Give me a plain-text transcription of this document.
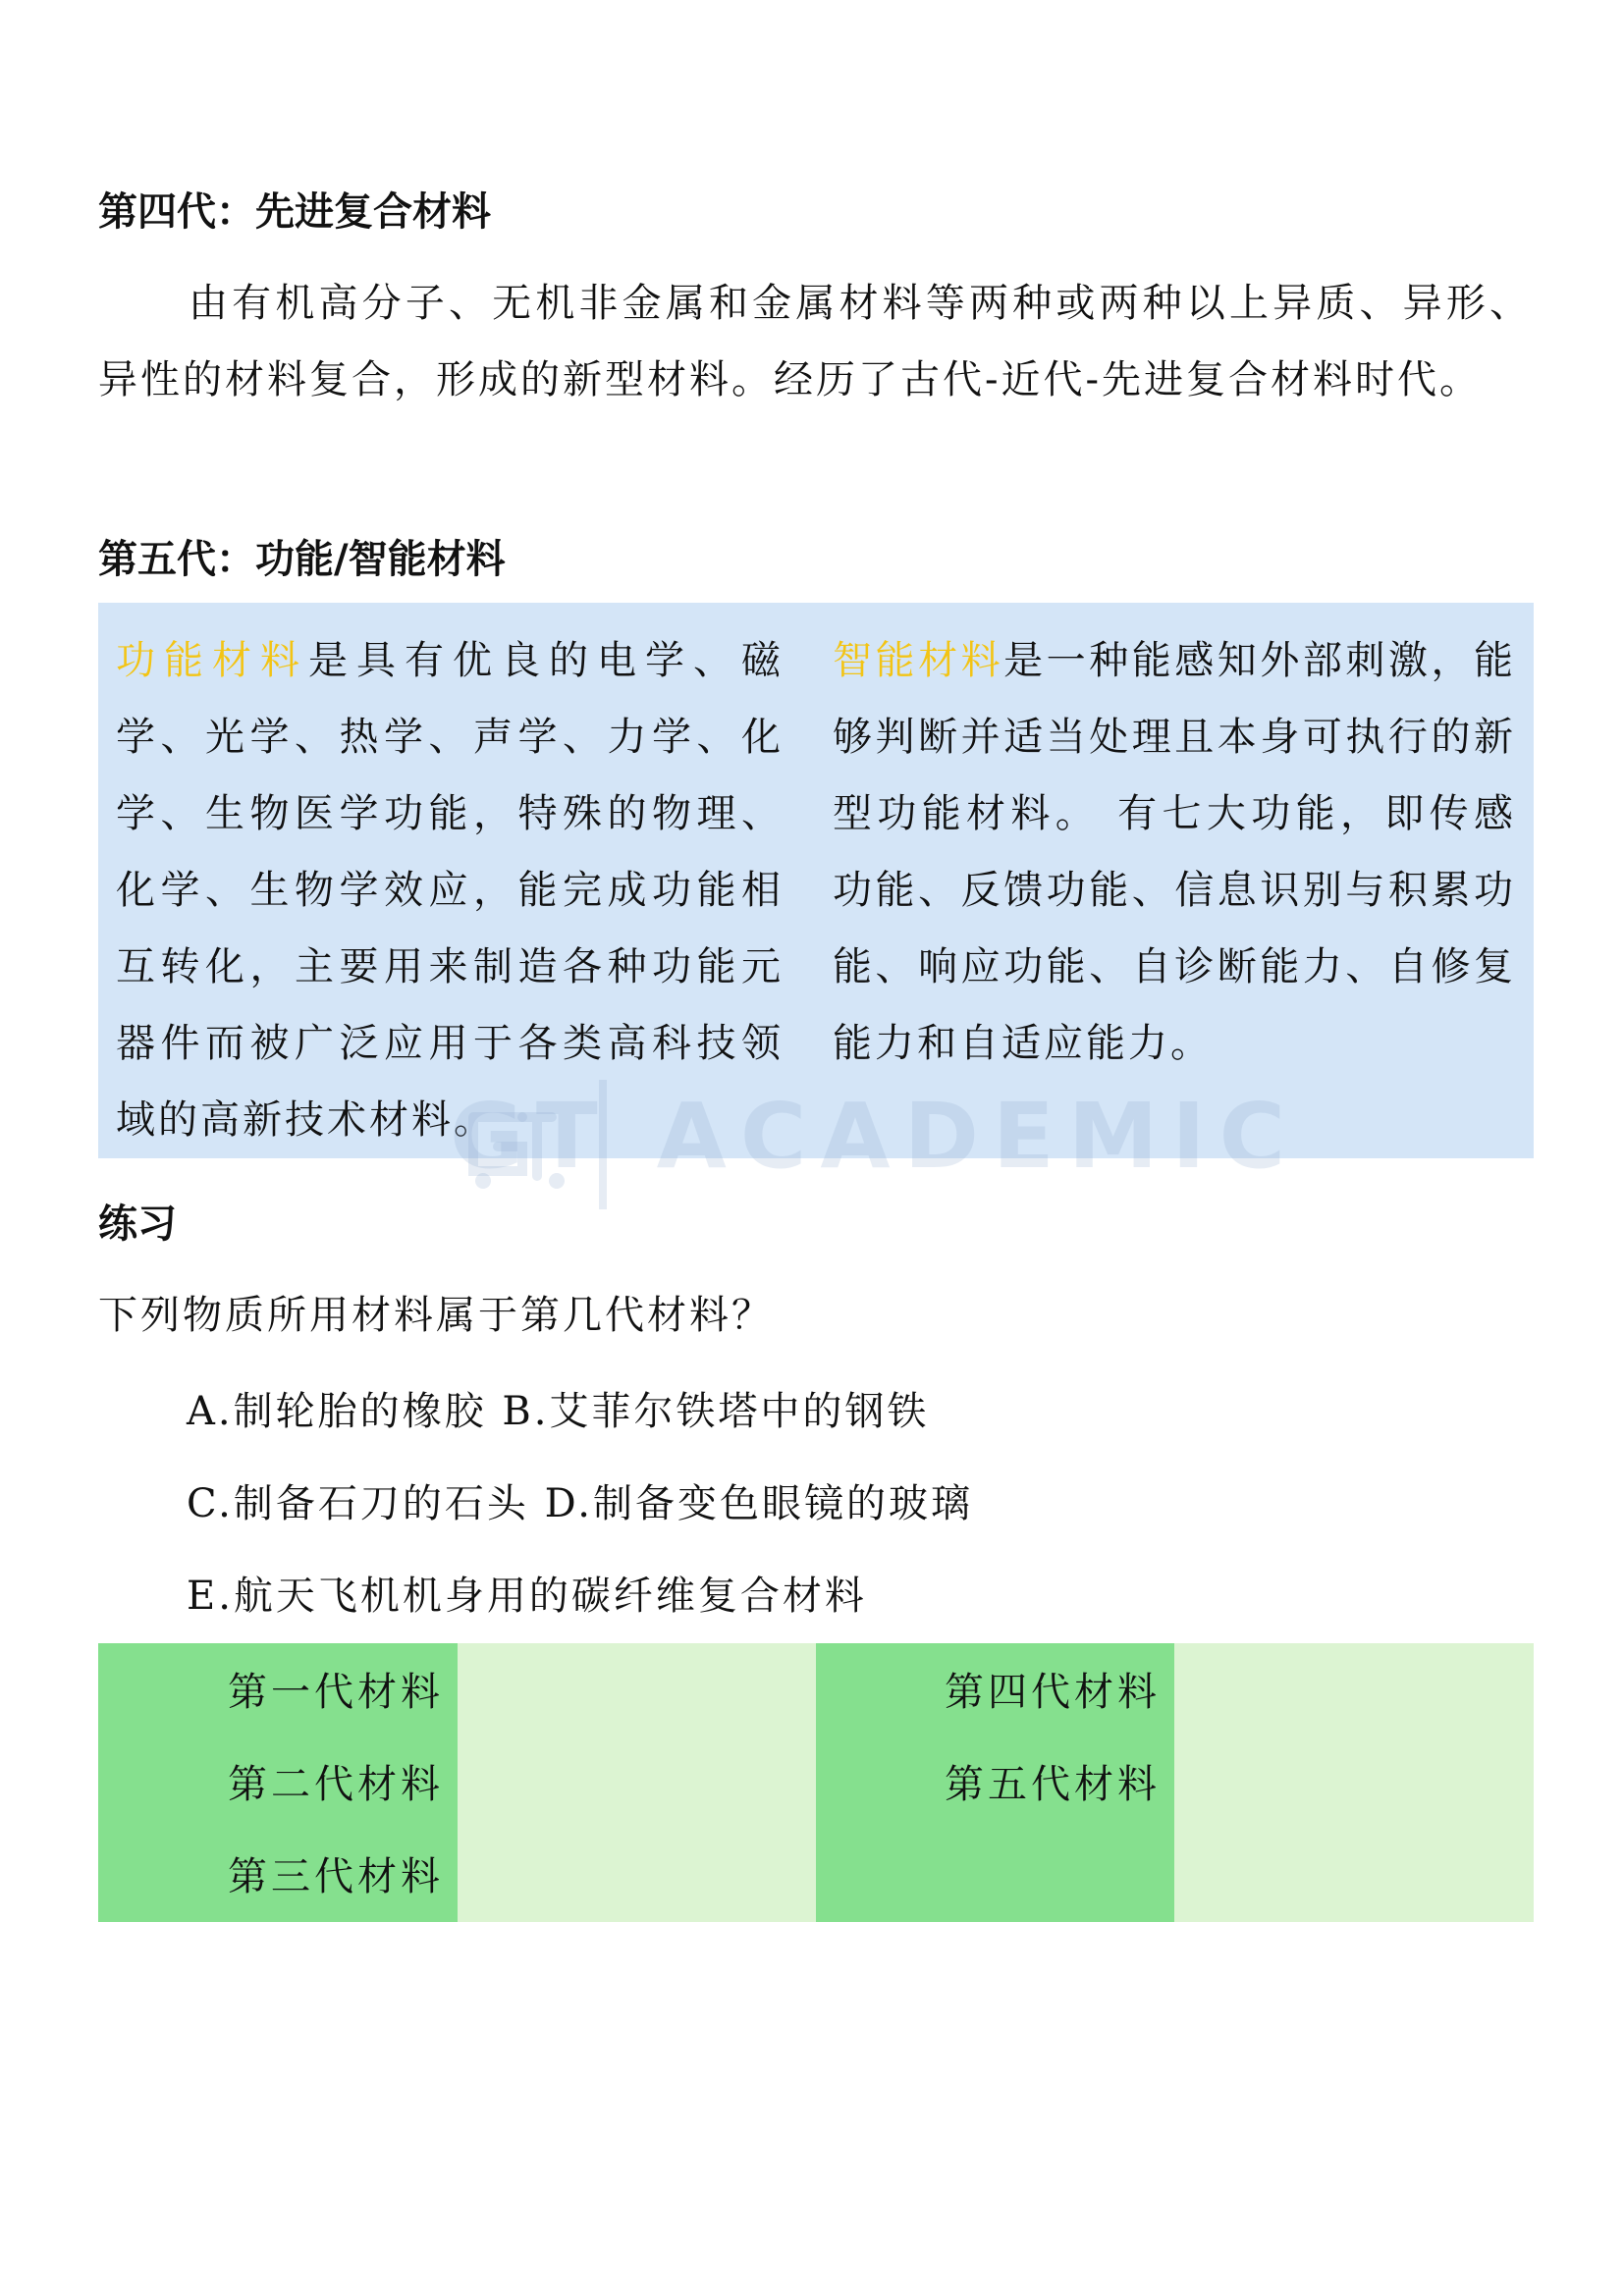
第四代：先进复合材料

由有机高分子、无机非金属和金属材料等两种或两种以上异质、异形、异性的材料复合，形成的新型材料。经历了古代-近代-先进复合材料时代。

第五代：功能/智能材料

功能材料是具有优良的电学、磁学、光学、热学、声学、力学、化学、生物医学功能，特殊的物理、化学、生物学效应，能完成功能相互转化，主要用来制造各种功能元器件而被广泛应用于各类高科技领域的高新技术材料。

智能材料是一种能感知外部刺激，能够判断并适当处理且本身可执行的新型功能材料。 有七大功能，即传感功能、反馈功能、信息识别与积累功能、响应功能、自诊断能力、自修复能力和自适应能力。

GT ACADEMIC
练习

下列物质所用材料属于第几代材料？

A.制轮胎的橡胶 B.艾菲尔铁塔中的钢铁

C.制备石刀的石头 D.制备变色眼镜的玻璃

E.航天飞机机身用的碳纤维复合材料

第一代材料

第二代材料

第三代材料

第四代材料

第五代材料
